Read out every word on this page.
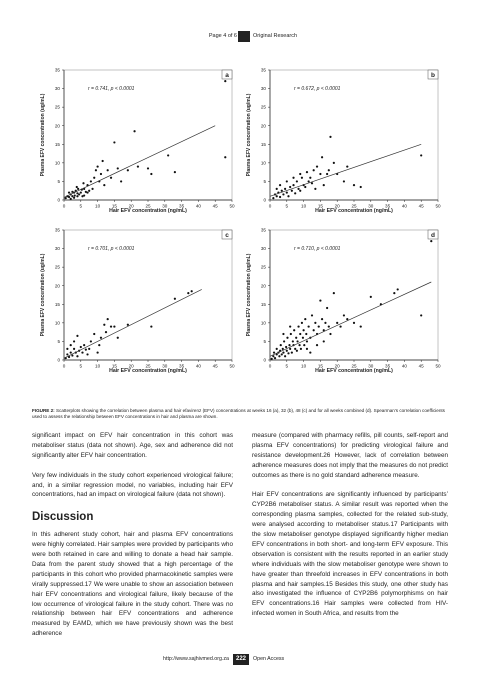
Page 4 of 6	Original Research
0	5	10	15	20	25	30	35	40	45	50
0
5
10
15
20
25
30
35
Hair EFV concentration (ng/mL)
Plasma EFV concentration (ug/mL)
r = 0.741, p < 0.0001
a
0	5	10	15	20	25	30	35	40	45	50
0
5
10
15
20
25
30
35
Hair EFV concentration (ng/mL)
Plasma EFV concentration (ug/mL)
r = 0.672, p < 0.0001
b
0	5	10	15	20	25	30	35	40	45	50
0
5
10
15
20
25
30
35
Hair EFV concentration (ng/mL)
Plasma EFV concentration (ug/mL)
r = 0.701, p < 0.0001
c
0	5	10	15	20	25	30	35	40	45	50
0
5
10
15
20
25
30
35
Hair EFV concentration (ng/mL)
Plasma EFV concentration (ug/mL)
r = 0.710, p < 0.0001
d
FIGURE 2: Scatterplots showing the correlation between plasma and hair efavirenz (EFV) concentrations at weeks 16 (a), 32 (b), 48 (c) and for all weeks combined (d). Spearman’s correlation coefficients used to assess the relationship between EFV concentrations in hair and plasma are shown.

significant impact on EFV hair concentration in this cohort was metaboliser status (data not shown). Age, sex and adherence did not significantly alter EFV hair concentration.

Very few individuals in the study cohort experienced virological failure; and, in a similar regression model, no variables, including hair EFV concentrations, had an impact on virological failure (data not shown).

Discussion

In this adherent study cohort, hair and plasma EFV concentrations were highly correlated. Hair samples were provided by participants who were both retained in care and willing to donate a head hair sample. Data from the parent study showed that a high percentage of the participants in this cohort who provided pharmacokinetic samples were virally suppressed.17 We were unable to show an association between hair EFV concentrations and virological failure, likely because of the low occurrence of virological failure in the study cohort. There was no relationship between hair EFV concentrations and adherence measured by EAMD, which we have previously shown was the best adherence

measure (compared with pharmacy refills, pill counts, self-report and plasma EFV concentrations) for predicting virological failure and resistance development.26 However, lack of correlation between adherence measures does not imply that the measures do not predict outcomes as there is no gold standard adherence measure.

Hair EFV concentrations are significantly influenced by participants’ CYP2B6 metaboliser status. A similar result was reported when the corresponding plasma samples, collected for the related sub-study, were analysed according to metaboliser status.17 Participants with the slow metaboliser genotype displayed significantly higher median EFV concentrations in both short- and long-term EFV exposure. This observation is consistent with the results reported in an earlier study where individuals with the slow metaboliser genotype were shown to have greater than threefold increases in EFV concentrations in both plasma and hair samples.15 Besides this study, one other study has also investigated the influence of CYP2B6 polymorphisms on hair EFV concentrations.16 Hair samples were collected from HIV-infected women in South Africa, and results from the

http://www.sajhivmed.org.za	222	Open Access
